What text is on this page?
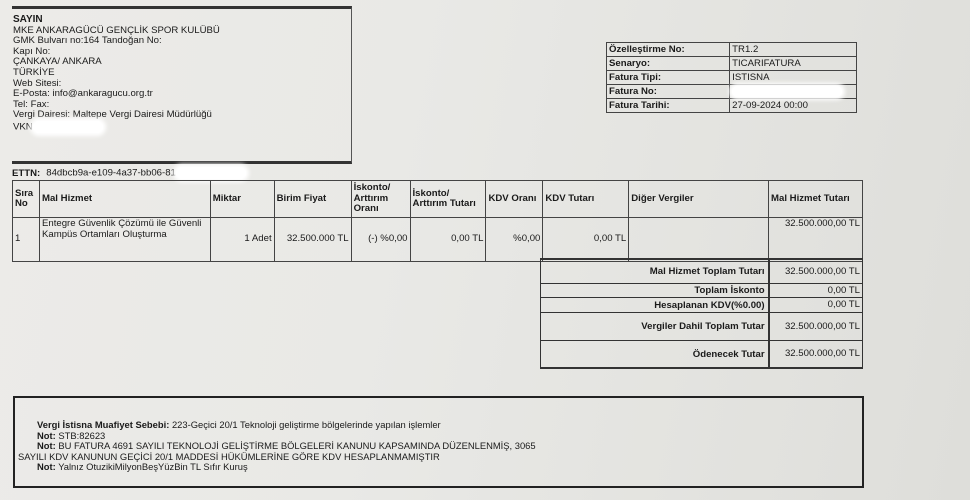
SAYIN
MKE ANKARAGÜCÜ GENÇLİK SPOR KULÜBÜ
GMK Bulvarı no:164 Tandoğan No:
Kapı No:
ÇANKAYA/ ANKARA
TÜRKİYE
Web Sitesi:
E-Posta: info@ankaragucu.org.tr
Tel: Fax:
Vergi Dairesi: Maltepe Vergi Dairesi Müdürlüğü
VKN
ETTN: 84dbcb9a-e109-4a37-bb06-81
Özelleştirme No:	TR1.2
Senaryo:	TICARIFATURA
Fatura Tipi:	ISTISNA
Fatura No:	
Fatura Tarihi:	27-09-2024 00:00
Sıra No	Mal Hizmet	Miktar	Birim Fiyat	İskonto/ Arttırım Oranı	İskonto/ Arttırım Tutarı	KDV Oranı	KDV Tutarı	Diğer Vergiler	Mal Hizmet Tutarı
1	Entegre Güvenlik Çözümü ile Güvenli Kampüs Ortamları Oluşturma	1 Adet	32.500.000 TL	(-) %0,00	0,00 TL	%0,00	0,00 TL		32.500.000,00 TL
Mal Hizmet Toplam Tutarı	32.500.000,00 TL
Toplam İskonto	0,00 TL
Hesaplanan KDV(%0.00)	0,00 TL
Vergiler Dahil Toplam Tutar	32.500.000,00 TL
Ödenecek Tutar	32.500.000,00 TL

Vergi İstisna Muafiyet Sebebi: 223-Geçici 20/1 Teknoloji geliştirme bölgelerinde yapılan işlemler

Not: STB:82623

Not: BU FATURA 4691 SAYILI TEKNOLOJİ GELİŞTİRME BÖLGELERİ KANUNU KAPSAMINDA DÜZENLENMİŞ, 3065

SAYILI KDV KANUNUN GEÇİCİ 20/1 MADDESİ HÜKÜMLERİNE GÖRE KDV HESAPLANMAMIŞTIR

Not: Yalnız OtuzikiMilyonBeşYüzBin TL Sıfır Kuruş
